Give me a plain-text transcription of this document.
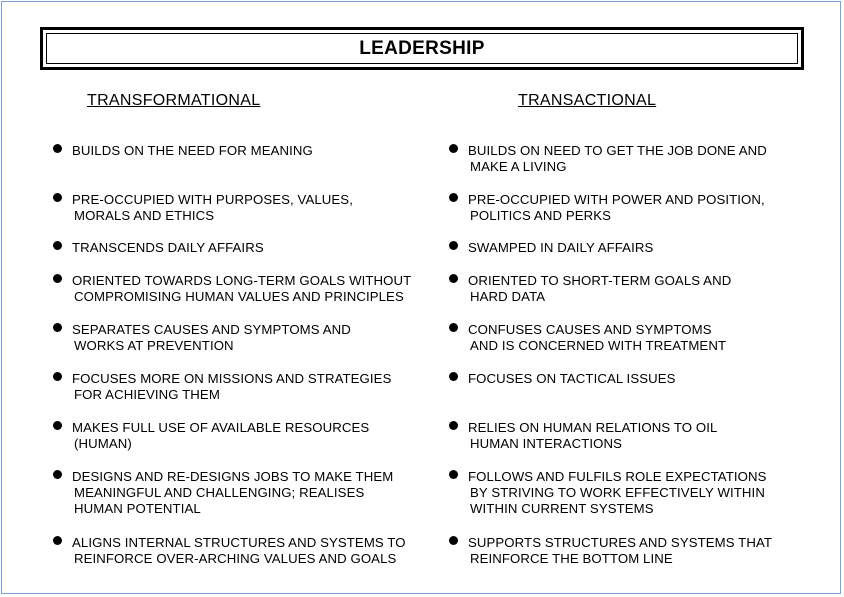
LEADERSHIP
TRANSFORMATIONAL	TRANSACTIONAL
BUILDS ON THE NEED FOR MEANING
PRE-OCCUPIED WITH PURPOSES, VALUES,
MORALS AND ETHICS
TRANSCENDS DAILY AFFAIRS
ORIENTED TOWARDS LONG-TERM GOALS WITHOUT
COMPROMISING HUMAN VALUES AND PRINCIPLES
SEPARATES CAUSES AND SYMPTOMS AND
WORKS AT PREVENTION
FOCUSES MORE ON MISSIONS AND STRATEGIES
FOR ACHIEVING THEM
MAKES FULL USE OF AVAILABLE RESOURCES
(HUMAN)
DESIGNS AND RE-DESIGNS JOBS TO MAKE THEM
MEANINGFUL AND CHALLENGING; REALISES
HUMAN POTENTIAL
ALIGNS INTERNAL STRUCTURES AND SYSTEMS TO
REINFORCE OVER-ARCHING VALUES AND GOALS
BUILDS ON NEED TO GET THE JOB DONE AND
MAKE A LIVING
PRE-OCCUPIED WITH POWER AND POSITION,
POLITICS AND PERKS
SWAMPED IN DAILY AFFAIRS
ORIENTED TO SHORT-TERM GOALS AND
HARD DATA
CONFUSES CAUSES AND SYMPTOMS
AND IS CONCERNED WITH TREATMENT
FOCUSES ON TACTICAL ISSUES
RELIES ON HUMAN RELATIONS TO OIL
HUMAN INTERACTIONS
FOLLOWS AND FULFILS ROLE EXPECTATIONS
BY STRIVING TO WORK EFFECTIVELY WITHIN
WITHIN CURRENT SYSTEMS
SUPPORTS STRUCTURES AND SYSTEMS THAT
REINFORCE THE BOTTOM LINE
